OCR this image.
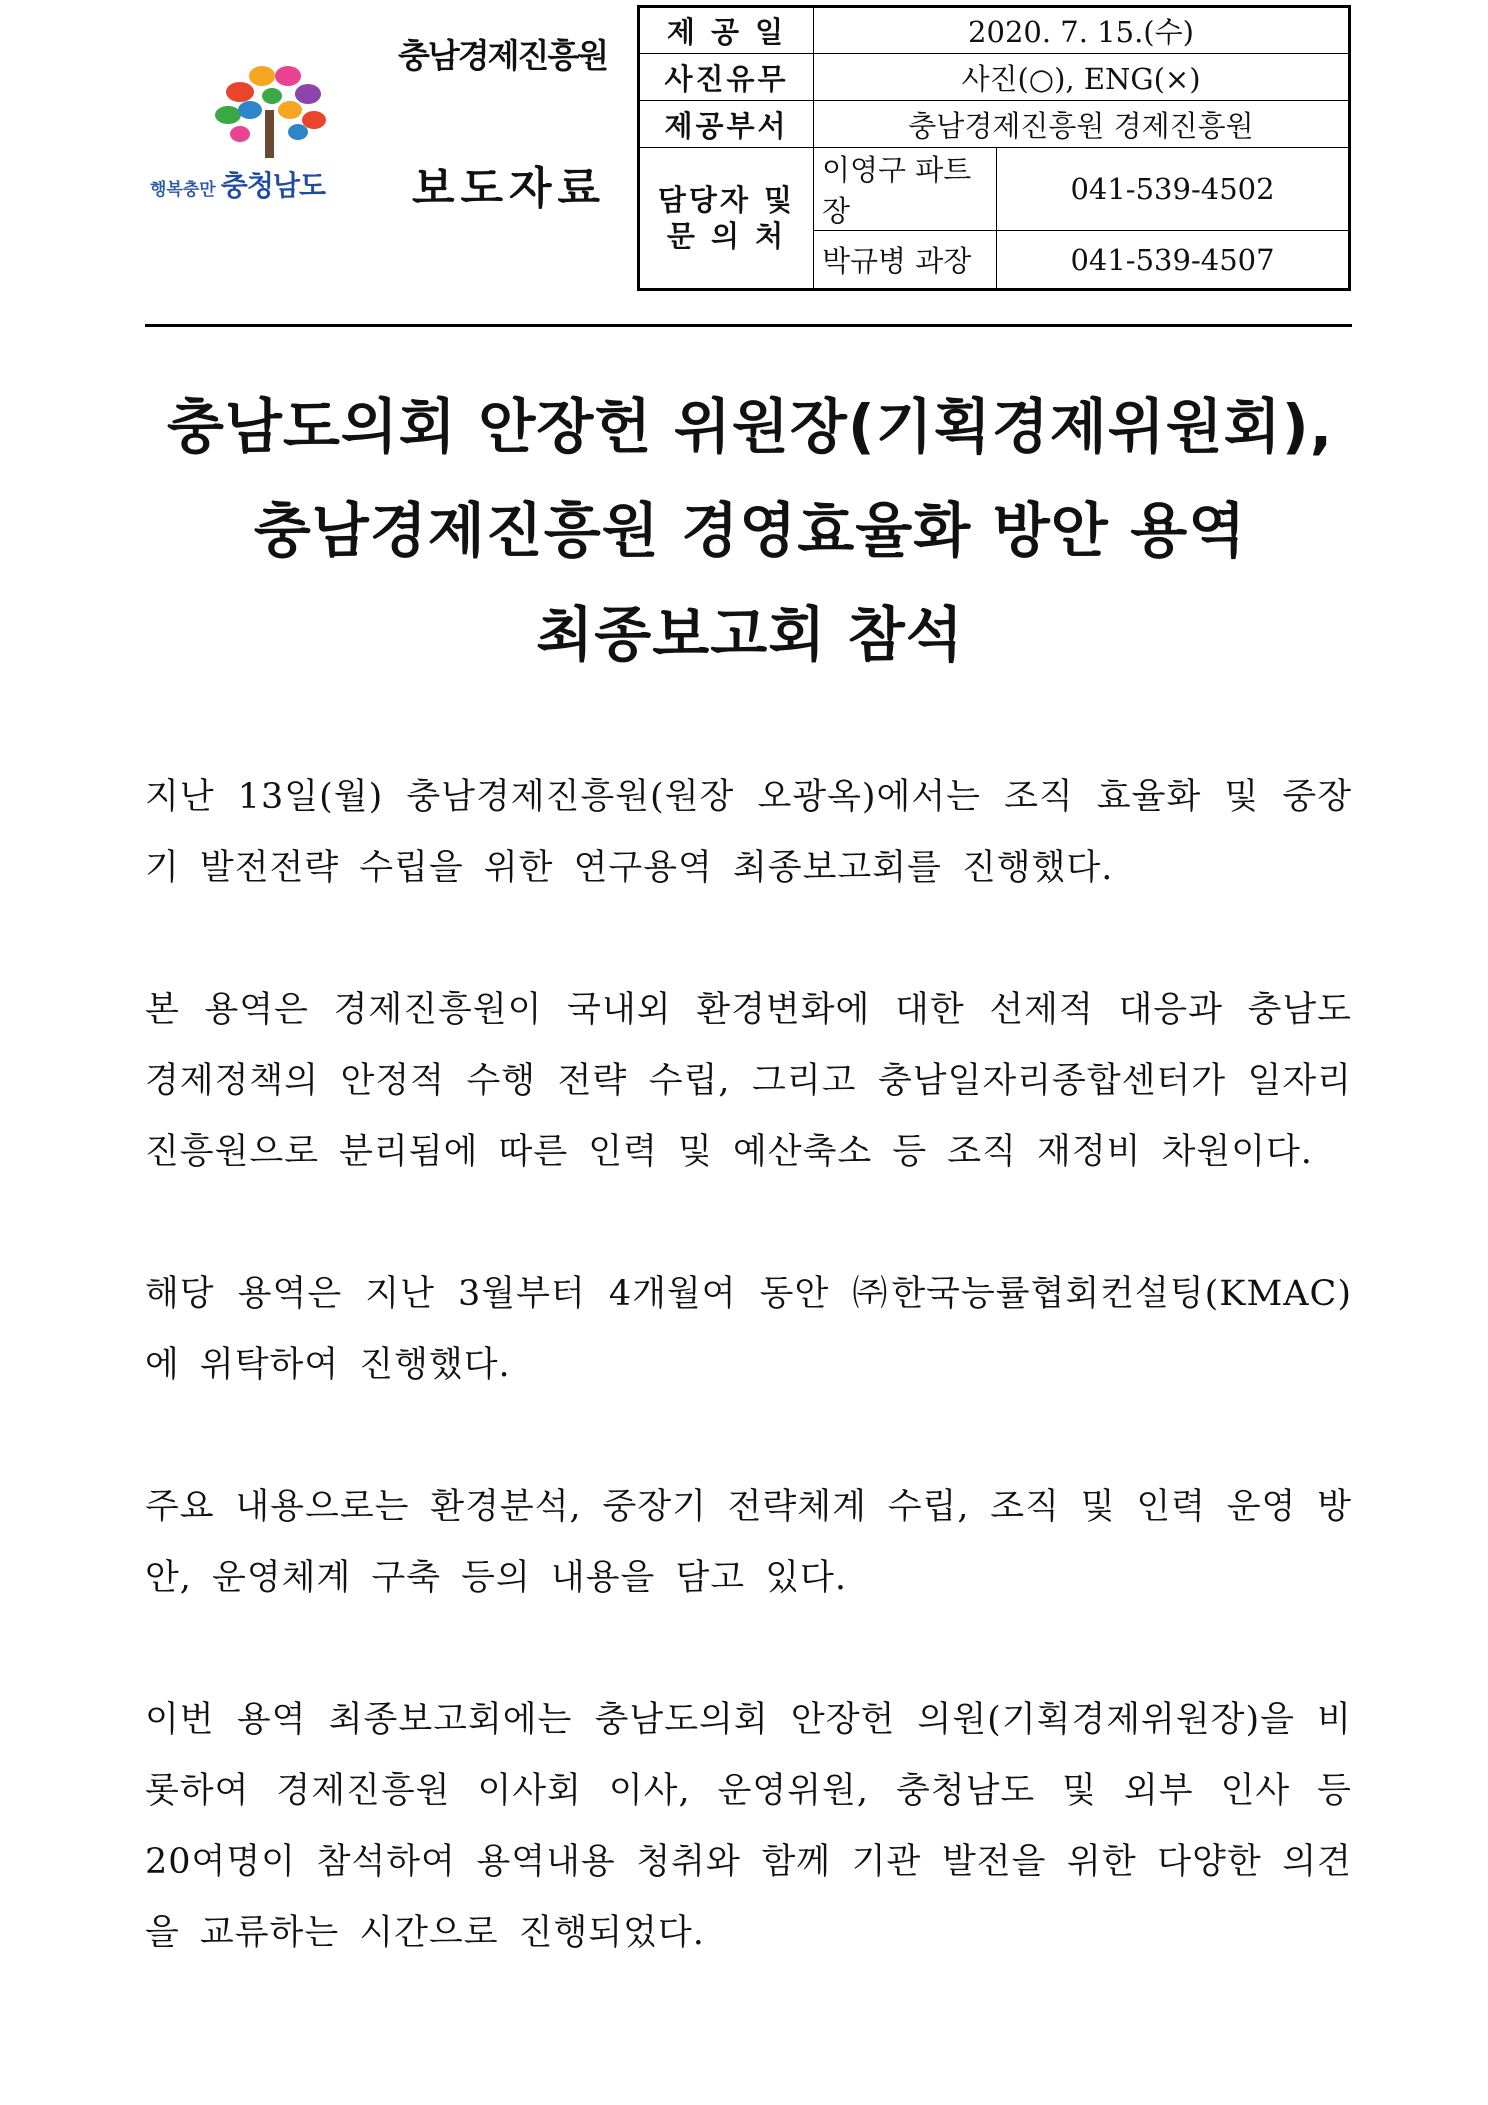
행복충만 충청남도
충남경제진흥원
보도자료
제 공 일	2020. 7. 15.(수)	
사진유무	사진(○), ENG(×)	
제공부서	충남경제진흥원 경제진흥원	

담당자 및
문 의 처	이영구 파트장	041-539-4502
	박규병 과장	041-539-4507
충남도의회 안장헌 위원장(기획경제위원회),
충남경제진흥원 경영효율화 방안 용역
최종보고회 참석

지난 13일(월) 충남경제진흥원(원장 오광옥)에서는 조직 효율화 및 중장기 발전전략 수립을 위한 연구용역 최종보고회를 진행했다.

본 용역은 경제진흥원이 국내외 환경변화에 대한 선제적 대응과 충남도 경제정책의 안정적 수행 전략 수립, 그리고 충남일자리종합센터가 일자리진흥원으로 분리됨에 따른 인력 및 예산축소 등 조직 재정비 차원이다.

해당 용역은 지난 3월부터 4개월여 동안 ㈜한국능률협회컨설팅(KMAC)에 위탁하여 진행했다.

주요 내용으로는 환경분석, 중장기 전략체계 수립, 조직 및 인력 운영 방안, 운영체계 구축 등의 내용을 담고 있다.

이번 용역 최종보고회에는 충남도의회 안장헌 의원(기획경제위원장)을 비롯하여 경제진흥원 이사회 이사, 운영위원, 충청남도 및 외부 인사 등 20여명이 참석하여 용역내용 청취와 함께 기관 발전을 위한 다양한 의견을 교류하는 시간으로 진행되었다.
